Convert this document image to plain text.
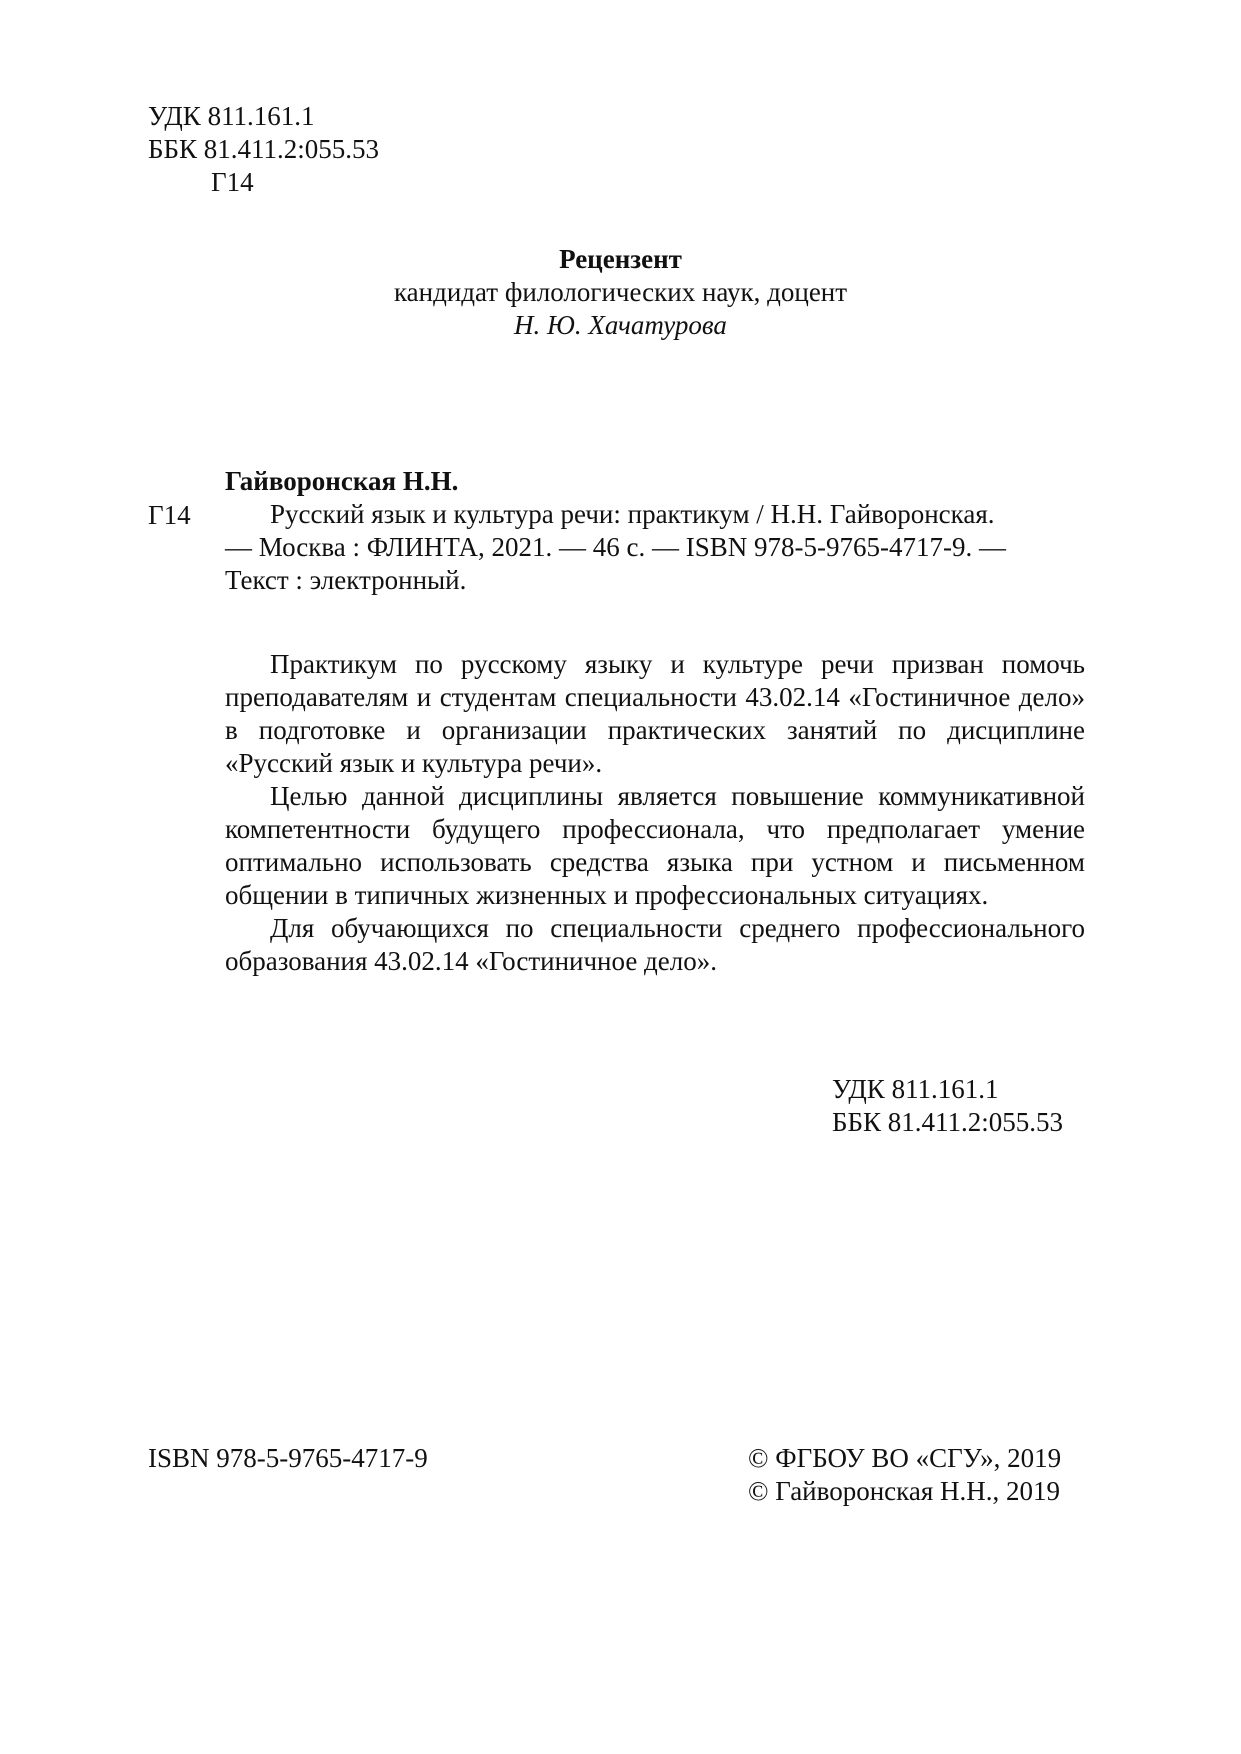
УДК 811.161.1
ББК 81.411.2:055.53
Г14
Рецензент
кандидат филологических наук, доцент
Н. Ю. Хачатурова
Гайворонская Н.Н.
Г14	Русский язык и культура речи: практикум / Н.Н. Гайворонская.
— Москва : ФЛИНТА, 2021. — 46 с. — ISBN 978-5-9765-4717-9. —
Текст : электронный.

Практикум по русскому языку и культуре речи призван помочь преподавателям и студентам специальности 43.02.14 «Гостиничное дело» в подготовке и организации практических занятий по дисциплине «Русский язык и культура речи».

Целью данной дисциплины является повышение коммуникативной компетентности будущего профессионала, что предполагает умение оптимально использовать средства языка при устном и письменном общении в типичных жизненных и профессиональных ситуациях.

Для обучающихся по специальности среднего профессионального образования 43.02.14 «Гостиничное дело».

УДК 811.161.1
ББК 81.411.2:055.53
ISBN 978-5-9765-4717-9	© ФГБОУ ВО «СГУ», 2019
© Гайворонская Н.Н., 2019
